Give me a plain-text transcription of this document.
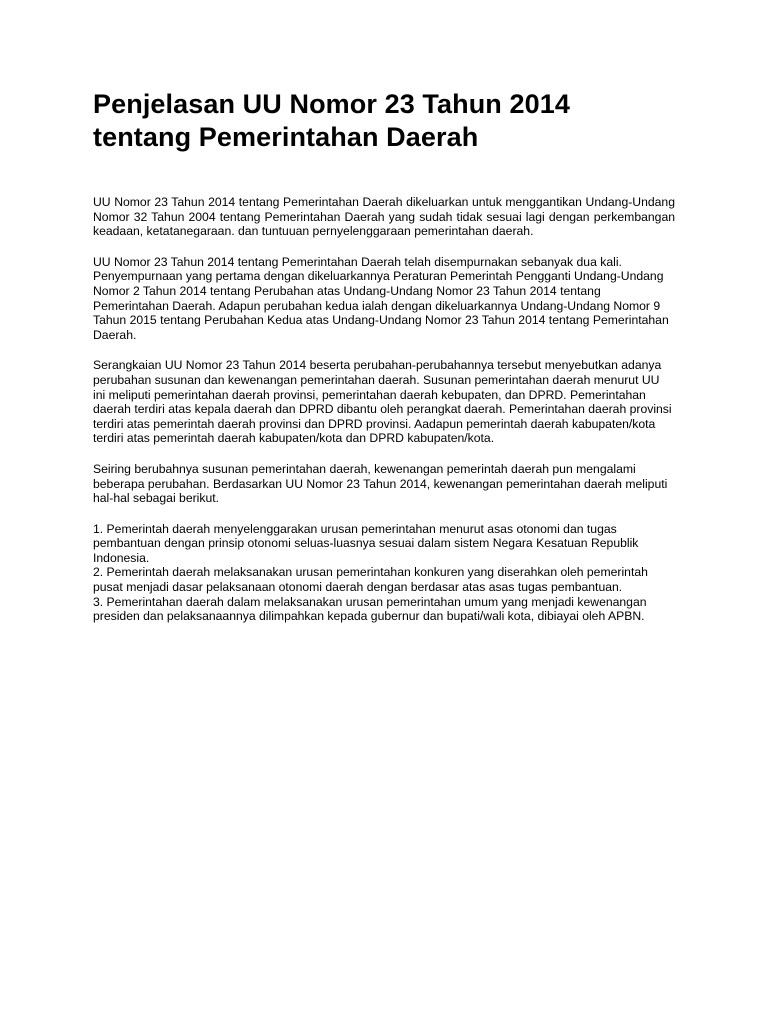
Penjelasan UU Nomor 23 Tahun 2014 tentang Pemerintahan Daerah

UU Nomor 23 Tahun 2014 tentang Pemerintahan Daerah dikeluarkan untuk menggantikan Undang-Undang Nomor 32 Tahun 2004 tentang Pemerintahan Daerah yang sudah tidak sesuai lagi dengan perkembangan keadaan, ketatanegaraan. dan tuntuuan pernyelenggaraan pemerintahan daerah.

UU Nomor 23 Tahun 2014 tentang Pemerintahan Daerah telah disempurnakan sebanyak dua kali. Penyempurnaan yang pertama dengan dikeluarkannya Peraturan Pemerintah Pengganti Undang-Undang Nomor 2 Tahun 2014 tentang Perubahan atas Undang-Undang Nomor 23 Tahun 2014 tentang Pemerintahan Daerah. Adapun perubahan kedua ialah dengan dikeluarkannya Undang-Undang Nomor 9 Tahun 2015 tentang Perubahan Kedua atas Undang-Undang Nomor 23 Tahun 2014 tentang Pemerintahan Daerah.

Serangkaian UU Nomor 23 Tahun 2014 beserta perubahan-perubahannya tersebut menyebutkan adanya perubahan susunan dan kewenangan pemerintahan daerah. Susunan pemerintahan daerah menurut UU ini meliputi pemerintahan daerah provinsi, pemerintahan daerah kebupaten, dan DPRD. Pemerintahan daerah terdiri atas kepala daerah dan DPRD dibantu oleh perangkat daerah. Pemerintahan daerah provinsi terdiri atas pemerintah daerah provinsi dan DPRD provinsi. Aadapun pemerintah daerah kabupaten/kota terdiri atas pemerintah daerah kabupaten/kota dan DPRD kabupaten/kota.

Seiring berubahnya susunan pemerintahan daerah, kewenangan pemerintah daerah pun mengalami beberapa perubahan. Berdasarkan UU Nomor 23 Tahun 2014, kewenangan pemerintahan daerah meliputi hal-hal sebagai berikut.

1. Pemerintah daerah menyelenggarakan urusan pemerintahan menurut asas otonomi dan tugas pembantuan dengan prinsip otonomi seluas-luasnya sesuai dalam sistem Negara Kesatuan Republik Indonesia.
2. Pemerintah daerah melaksanakan urusan pemerintahan konkuren yang diserahkan oleh pemerintah pusat menjadi dasar pelaksanaan otonomi daerah dengan berdasar atas asas tugas pembantuan.
3. Pemerintahan daerah dalam melaksanakan urusan pemerintahan umum yang menjadi kewenangan presiden dan pelaksanaannya dilimpahkan kepada gubernur dan bupati/wali kota, dibiayai oleh APBN.
